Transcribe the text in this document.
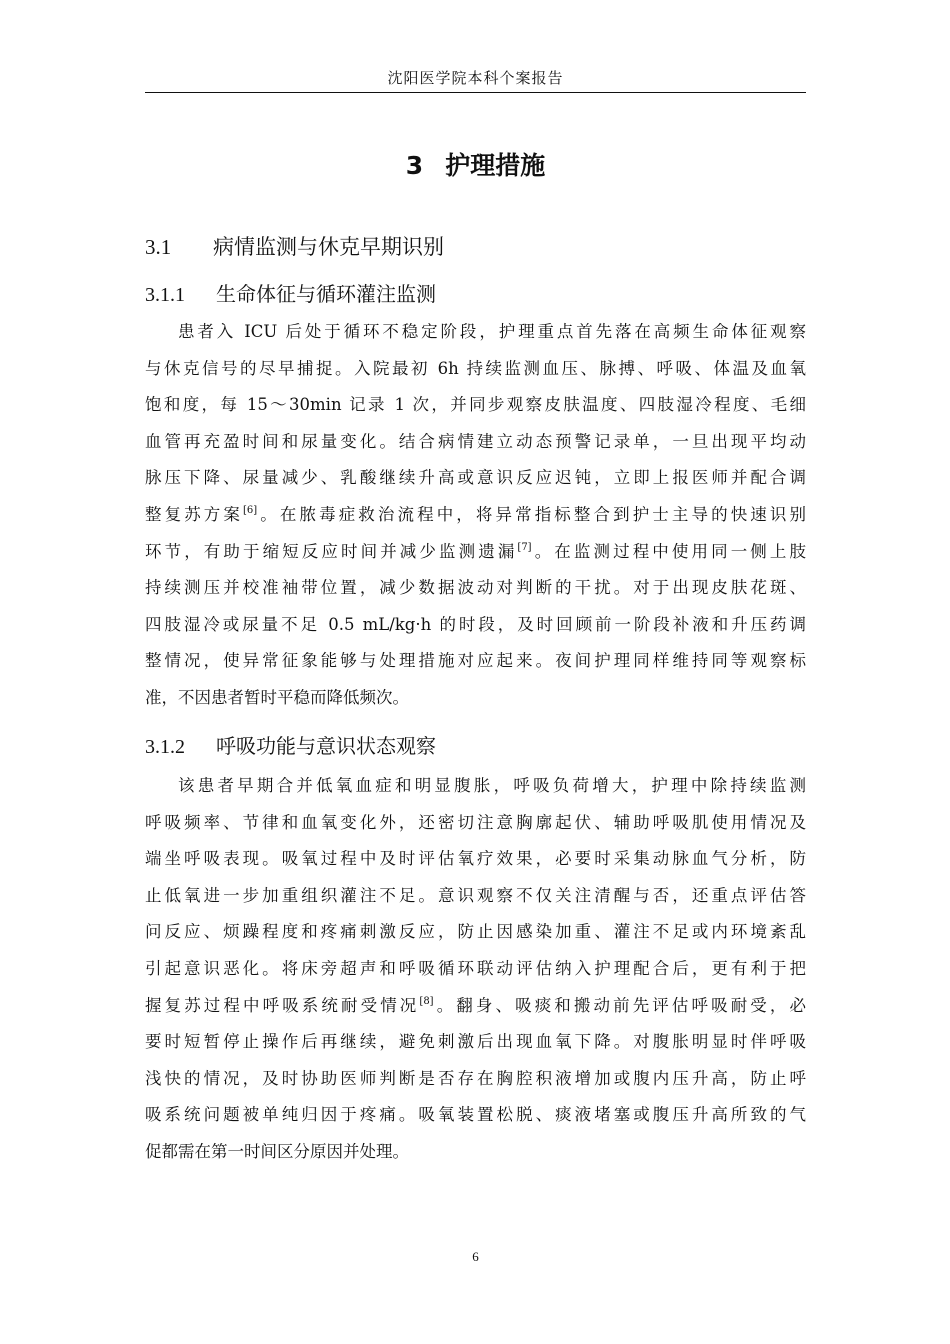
沈阳医学院本科个案报告
3 护理措施
3.1 病情监测与休克早期识别
3.1.1 生命体征与循环灌注监测
患者入 ICU 后处于循环不稳定阶段，护理重点首先落在高频生命体征观察
与休克信号的尽早捕捉。入院最初 6h 持续监测血压、脉搏、呼吸、体温及血氧
饱和度，每 15～30min 记录 1 次，并同步观察皮肤温度、四肢湿冷程度、毛细
血管再充盈时间和尿量变化。结合病情建立动态预警记录单，一旦出现平均动
脉压下降、尿量减少、乳酸继续升高或意识反应迟钝，立即上报医师并配合调
整复苏方案[6]。在脓毒症救治流程中，将异常指标整合到护士主导的快速识别
环节，有助于缩短反应时间并减少监测遗漏[7]。在监测过程中使用同一侧上肢
持续测压并校准袖带位置，减少数据波动对判断的干扰。对于出现皮肤花斑、
四肢湿冷或尿量不足 0.5 mL/kg·h 的时段，及时回顾前一阶段补液和升压药调
整情况，使异常征象能够与处理措施对应起来。夜间护理同样维持同等观察标
准，不因患者暂时平稳而降低频次。
3.1.2 呼吸功能与意识状态观察
该患者早期合并低氧血症和明显腹胀，呼吸负荷增大，护理中除持续监测
呼吸频率、节律和血氧变化外，还密切注意胸廓起伏、辅助呼吸肌使用情况及
端坐呼吸表现。吸氧过程中及时评估氧疗效果，必要时采集动脉血气分析，防
止低氧进一步加重组织灌注不足。意识观察不仅关注清醒与否，还重点评估答
问反应、烦躁程度和疼痛刺激反应，防止因感染加重、灌注不足或内环境紊乱
引起意识恶化。将床旁超声和呼吸循环联动评估纳入护理配合后，更有利于把
握复苏过程中呼吸系统耐受情况[8]。翻身、吸痰和搬动前先评估呼吸耐受，必
要时短暂停止操作后再继续，避免刺激后出现血氧下降。对腹胀明显时伴呼吸
浅快的情况，及时协助医师判断是否存在胸腔积液增加或腹内压升高，防止呼
吸系统问题被单纯归因于疼痛。吸氧装置松脱、痰液堵塞或腹压升高所致的气
促都需在第一时间区分原因并处理。
6
